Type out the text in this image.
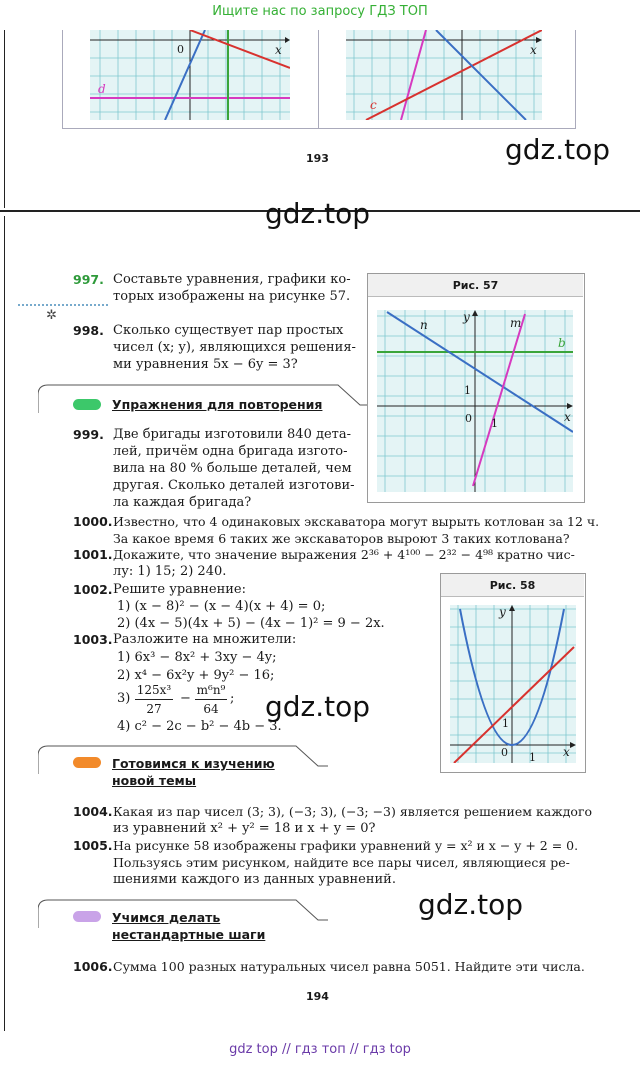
Ищите нас по запросу ГДЗ ТОП
0	x
d
x
c
193	gdz.top
gdz.top
997. Составьте уравнения, графики ко-
торых изображены на рисунке 57.
✲
998. Сколько существует пар простых
чисел (x; y), являющихся решения-
ми уравнения 5x − 6y = 3?
Упражнения для повторения
Рис. 57
n
y	m
b
1
0 1	x
999. Две бригады изготовили 840 дета-
лей, причём одна бригада изгото-
вила на 80 % больше деталей, чем
другая. Сколько деталей изготови-
ла каждая бригада?
1000. Известно, что 4 одинаковых экскаватора могут вырыть котлован за 12 ч.
За какое время 6 таких же экскаваторов выроют 3 таких котлована?
1001. Докажите, что значение выражения 2³⁶ + 4¹⁰⁰ − 2³² − 4⁹⁸ кратно чис-
лу: 1) 15; 2) 240.
1002. Решите уравнение:
1) (x − 8)² − (x − 4)(x + 4) = 0;
2) (4x − 5)(4x + 5) − (4x − 1)² = 9 − 2x.
1003. Разложите на множители:
1) 6x³ − 8x² + 3xy − 4y;
2) x⁴ − 6x²y + 9y² − 16;
3)
125x³
27
−
m⁶n⁹
64
;
4) c² − 2c − b² − 4b − 3.
gdz.top
Рис. 58
y
1
0 1 x
Готовимся к изучению
новой темы
1004. Какая из пар чисел (3; 3), (−3; 3), (−3; −3) является решением каждого
из уравнений x² + y² = 18 и x + y = 0?
1005. На рисунке 58 изображены графики уравнений y = x² и x − y + 2 = 0.
Пользуясь этим рисунком, найдите все пары чисел, являющиеся ре-
шениями каждого из данных уравнений.
gdz.top
Учимся делать
нестандартные шаги
1006. Сумма 100 разных натуральных чисел равна 5051. Найдите эти числа.
194
gdz top // гдз топ // гдз top
